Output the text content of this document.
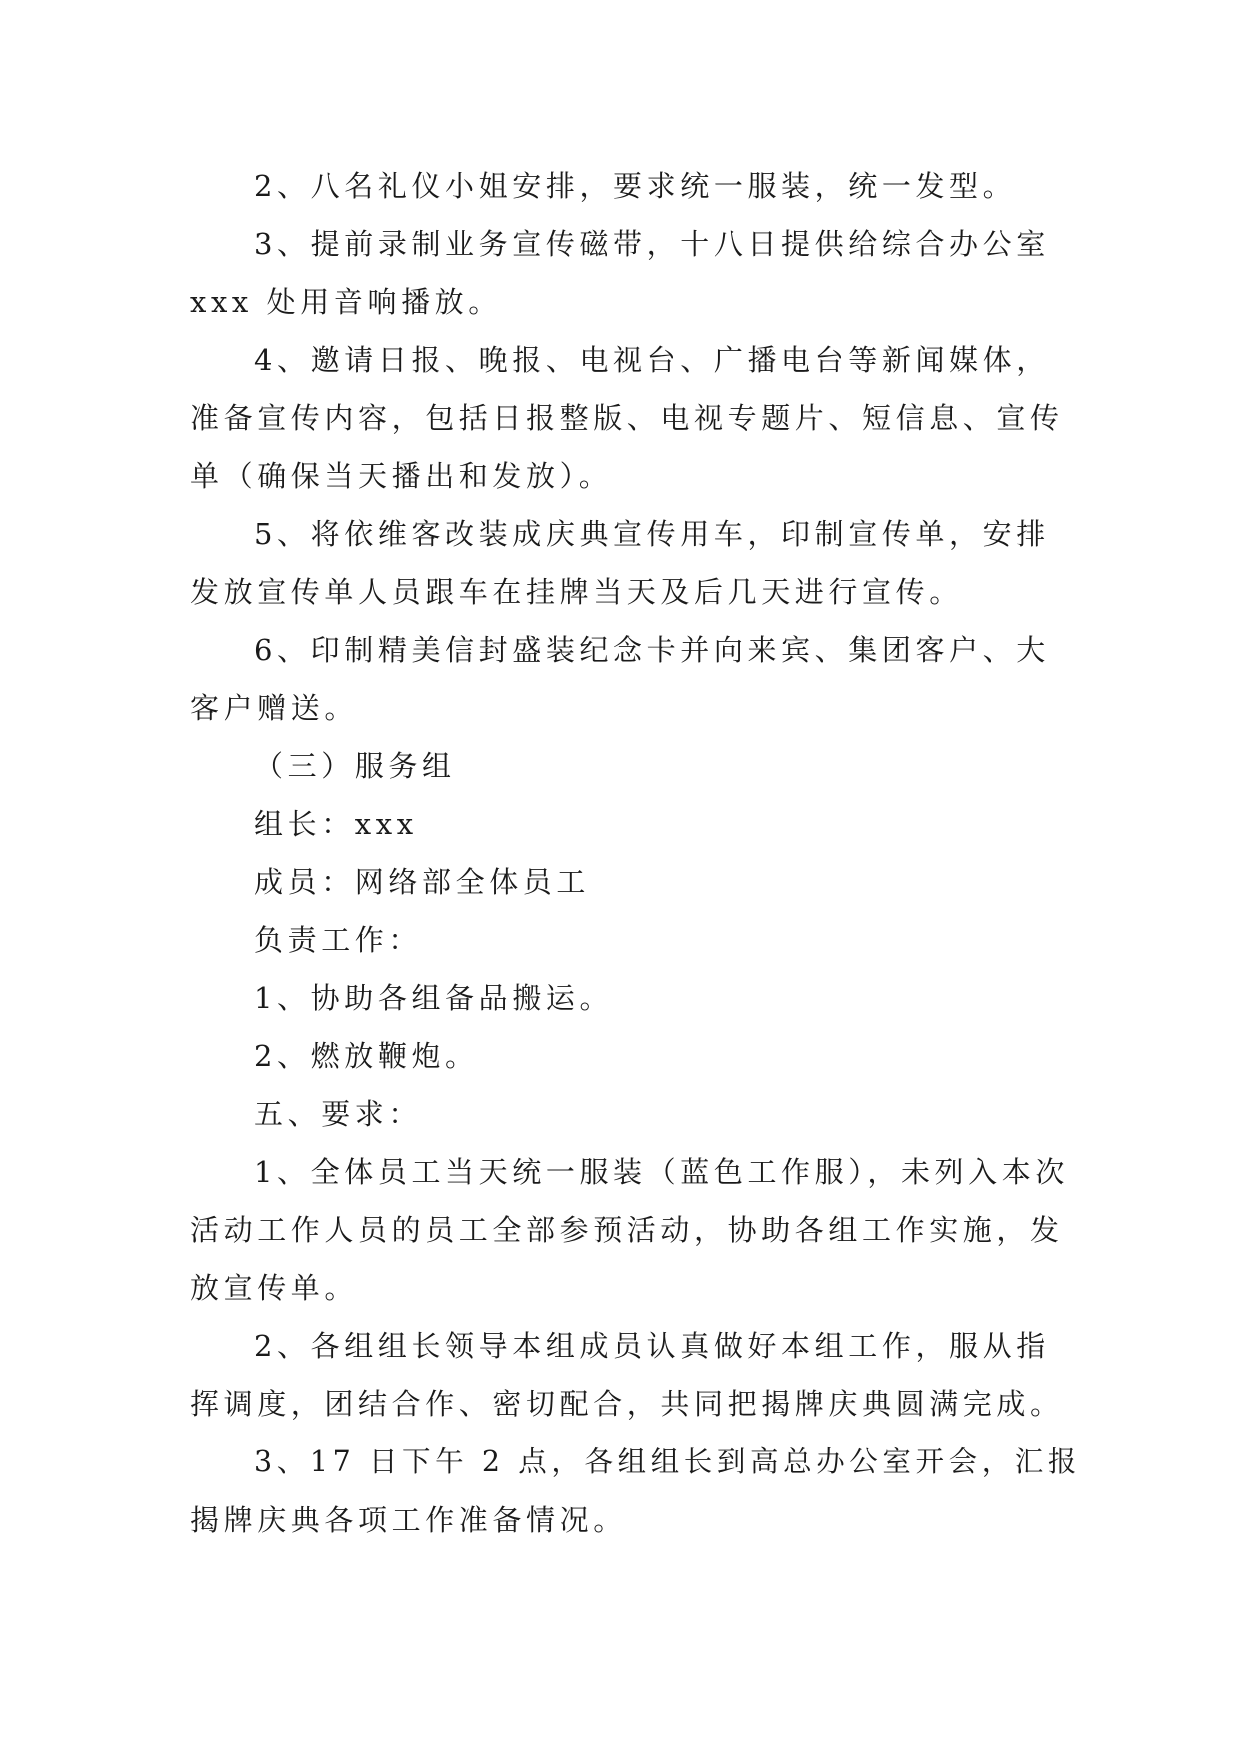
2、八名礼仪小姐安排，要求统一服装，统一发型。
3、提前录制业务宣传磁带，十八日提供给综合办公室
xxx 处用音响播放。
4、邀请日报、晚报、电视台、广播电台等新闻媒体，
准备宣传内容，包括日报整版、电视专题片、短信息、宣传
单（确保当天播出和发放）。
5、将依维客改装成庆典宣传用车，印制宣传单，安排
发放宣传单人员跟车在挂牌当天及后几天进行宣传。
6、印制精美信封盛装纪念卡并向来宾、集团客户、大
客户赠送。
（三）服务组
组长：xxx
成员：网络部全体员工
负责工作：
1、协助各组备品搬运。
2、燃放鞭炮。
五、要求：
1、全体员工当天统一服装（蓝色工作服），未列入本次
活动工作人员的员工全部参预活动，协助各组工作实施，发
放宣传单。
2、各组组长领导本组成员认真做好本组工作，服从指
挥调度，团结合作、密切配合，共同把揭牌庆典圆满完成。
3、17 日下午 2 点，各组组长到高总办公室开会，汇报
揭牌庆典各项工作准备情况。
